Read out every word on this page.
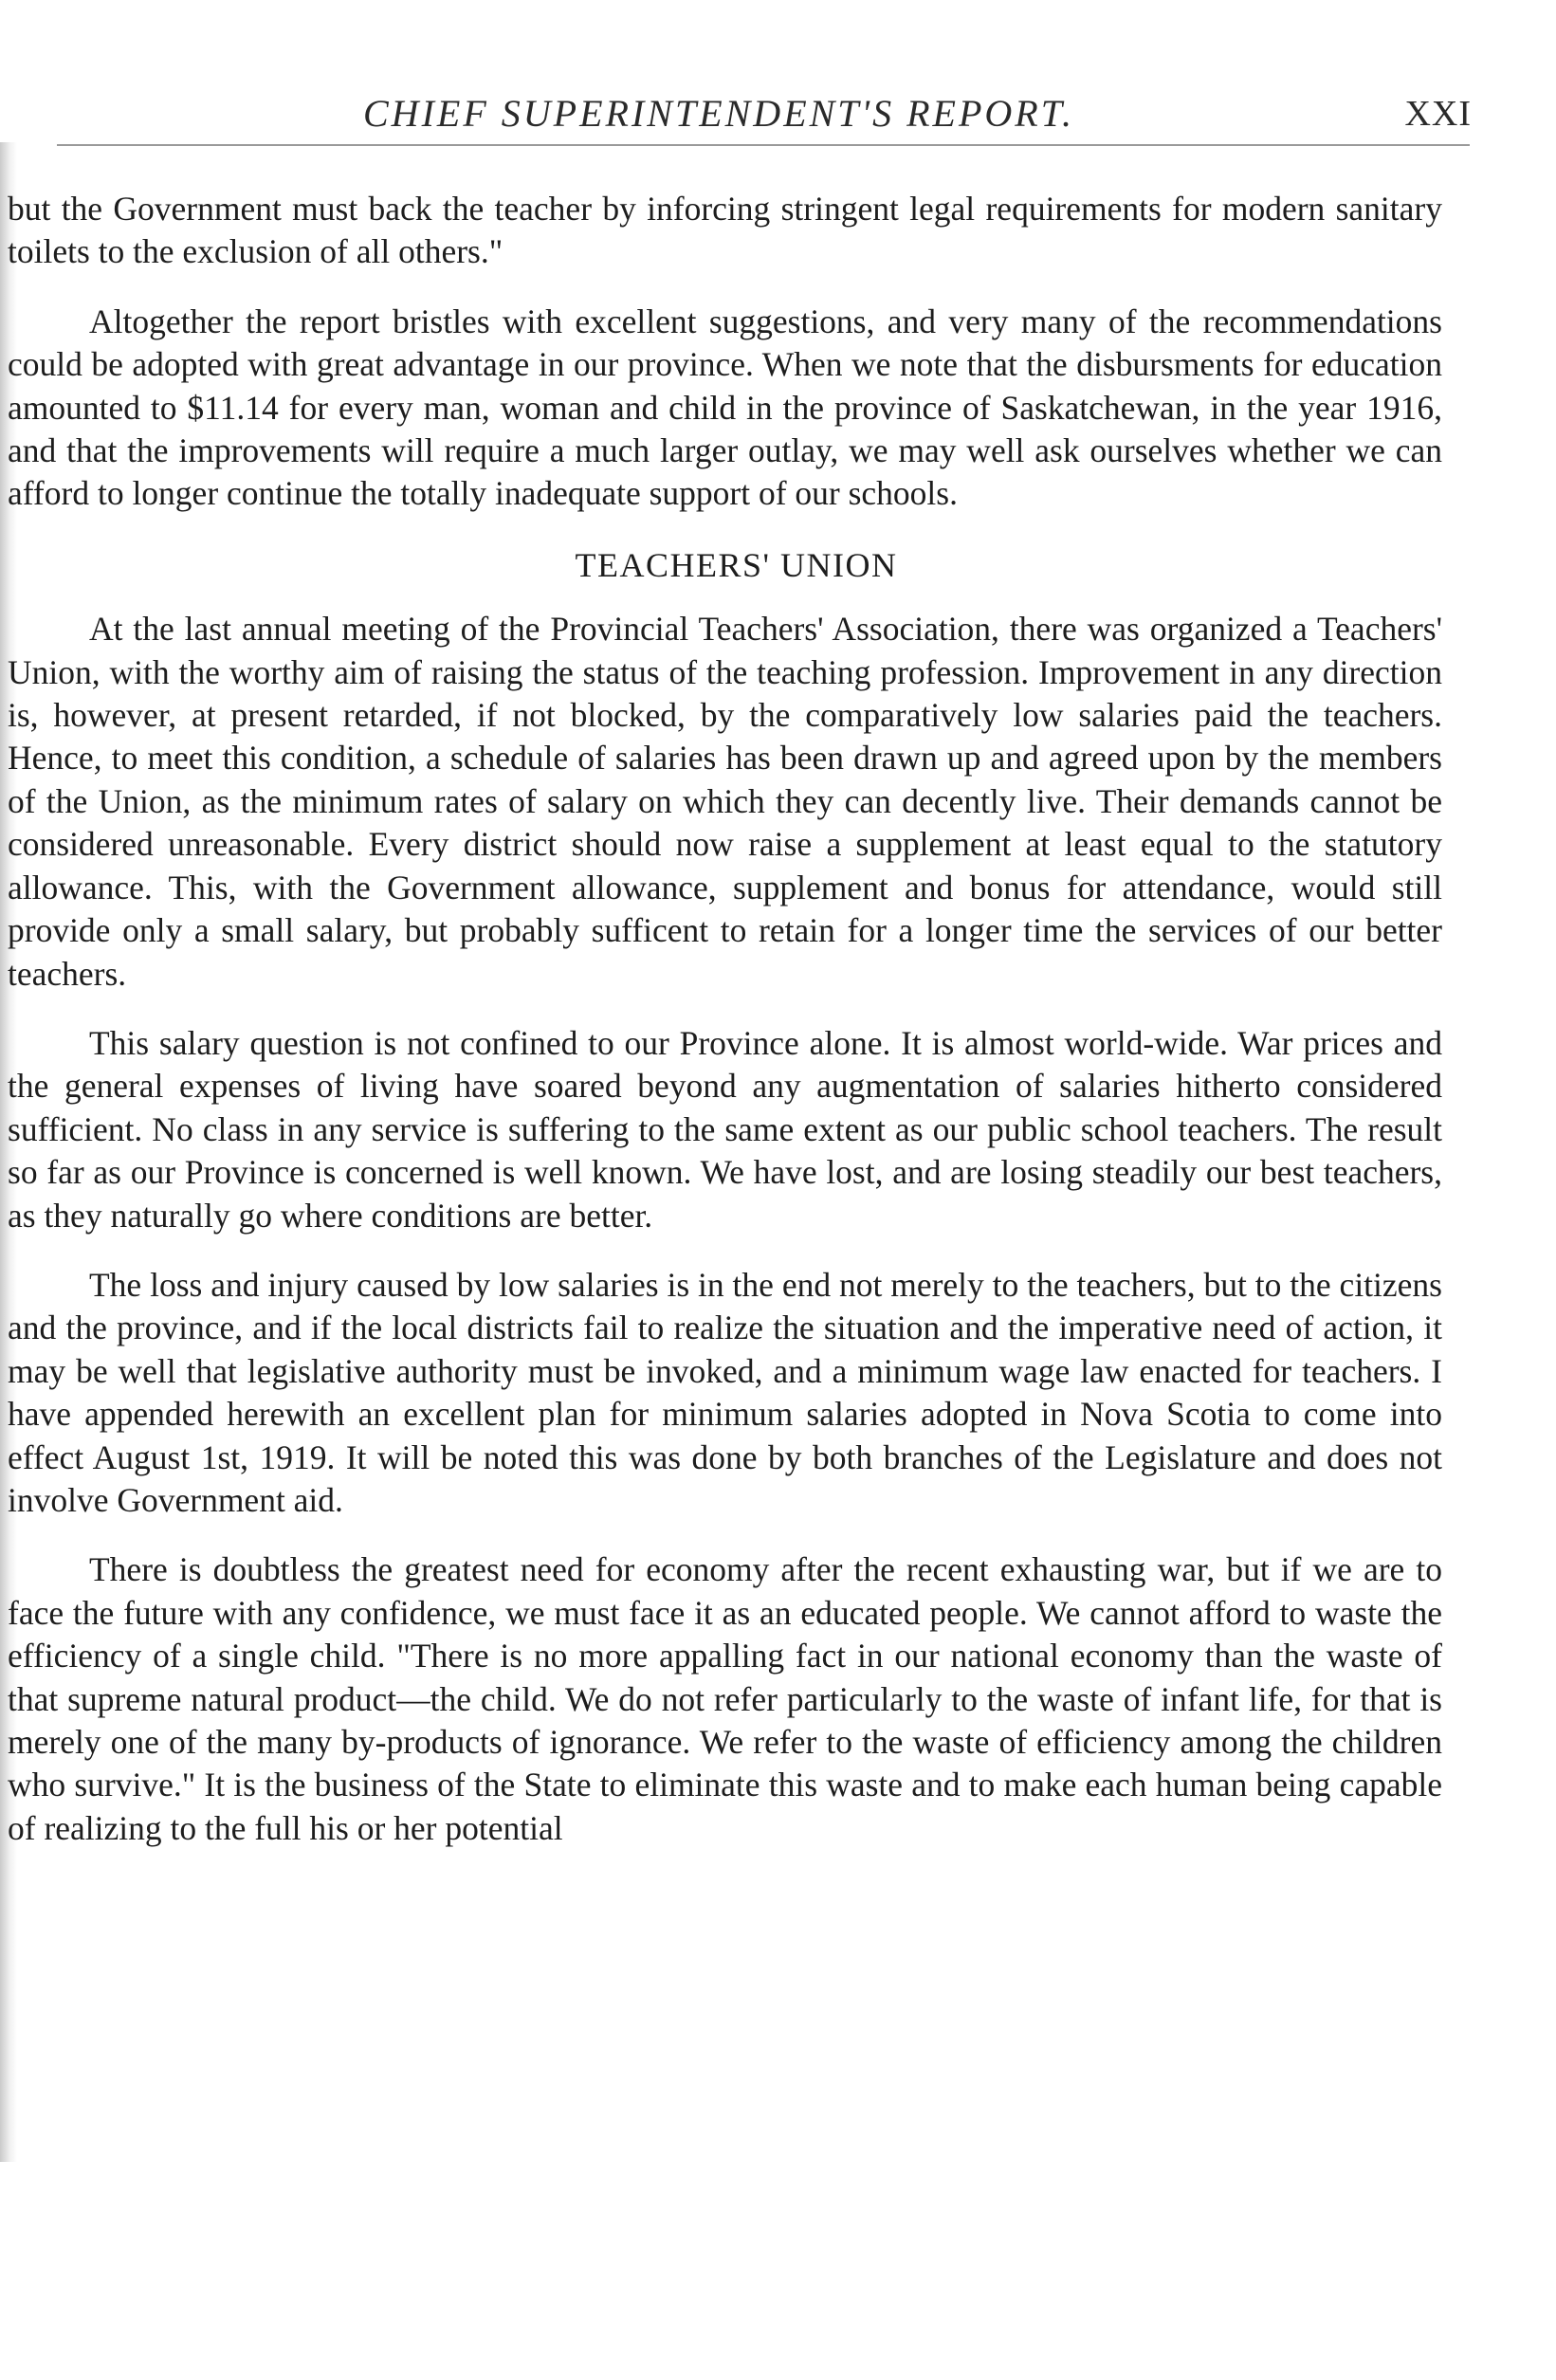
CHIEF SUPERINTENDENT'S REPORT.	XXI

but the Government must back the teacher by inforcing stringent legal requirements for modern sanitary toilets to the exclusion of all others."

Altogether the report bristles with excellent suggestions, and very many of the recommendations could be adopted with great advantage in our province. When we note that the disbursments for education amounted to $11.14 for every man, woman and child in the province of Saskatchewan, in the year 1916, and that the improvements will require a much larger outlay, we may well ask ourselves whether we can afford to longer continue the totally inadequate support of our schools.

TEACHERS' UNION

At the last annual meeting of the Provincial Teachers' Association, there was organized a Teachers' Union, with the worthy aim of raising the status of the teaching profession. Improvement in any direction is, however, at present retarded, if not blocked, by the comparatively low salaries paid the teachers. Hence, to meet this condition, a schedule of salaries has been drawn up and agreed upon by the members of the Union, as the minimum rates of salary on which they can decently live. Their demands cannot be considered unreasonable. Every district should now raise a supplement at least equal to the statutory allowance. This, with the Government allowance, supplement and bonus for attendance, would still provide only a small salary, but probably sufficent to retain for a longer time the services of our better teachers.

This salary question is not confined to our Province alone. It is almost world-wide. War prices and the general expenses of living have soared beyond any augmentation of salaries hitherto considered sufficient. No class in any service is suffering to the same extent as our public school teachers. The result so far as our Province is concerned is well known. We have lost, and are losing steadily our best teachers, as they naturally go where conditions are better.

The loss and injury caused by low salaries is in the end not merely to the teachers, but to the citizens and the province, and if the local districts fail to realize the situation and the imperative need of action, it may be well that legislative authority must be invoked, and a minimum wage law enacted for teachers. I have appended herewith an excellent plan for minimum salaries adopted in Nova Scotia to come into effect August 1st, 1919. It will be noted this was done by both branches of the Legislature and does not involve Government aid.

There is doubtless the greatest need for economy after the recent exhausting war, but if we are to face the future with any confidence, we must face it as an educated people. We cannot afford to waste the efficiency of a single child. "There is no more appalling fact in our national economy than the waste of that supreme natural product—the child. We do not refer particularly to the waste of infant life, for that is merely one of the many by-products of ignorance. We refer to the waste of efficiency among the children who survive." It is the business of the State to eliminate this waste and to make each human being capable of realizing to the full his or her potential
